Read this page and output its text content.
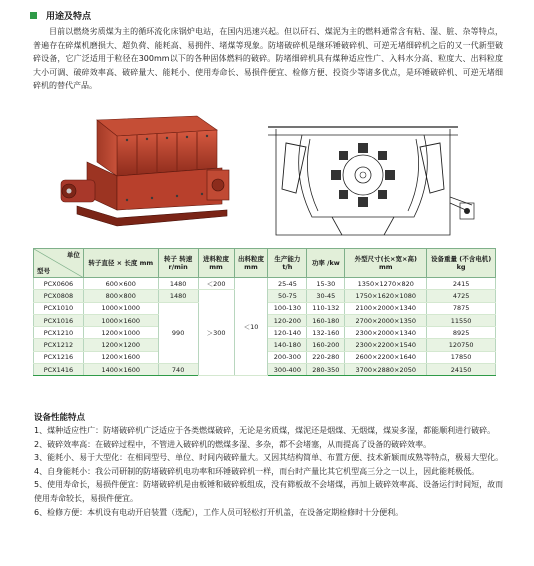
用途及特点

目前以燃烧劣质煤为主的循环流化床锅炉电站，在国内迅速兴起。但以矸石、煤泥为主的燃料通常含有粘、湿、脏、杂等特点，普遍存在碎煤机磨损大、超负荷、能耗高、易拥件、堵煤等现象。防堵破碎机是继环锤破碎机、可逆无堵细碎机之后的又一代新型破碎设备，它广泛适用于粒径在300mm以下的各种固体燃料的破碎。防堵细碎机具有煤种适应性广、入料水分高、粒度大、出料粒度大小可调、破碎效率高、破碎量大、能耗小、使用寿命长、易损件便宜、检修方便、投资少等诸多优点，是环锤破碎机、可逆无堵细碎机的替代产品。

单位
型号	转子直径 × 长度 mm	转子 转速 r/min	进料粒度 mm	出料粒度 mm	生产能力 t/h	功率 /kw	外型尺寸(长×宽×高) mm	设备重量 (不含电机) kg
PCX0606	600×600	1480	＜200	＜10	25-45	15-30	1350×1270×820	2415
PCX0808	800×800	1480	＞300		50-75	30-45	1750×1620×1080	4725
PCX1010	1000×1000	990			100-130	110-132	2100×2000×1340	7875
PCX1016	1000×1600				120-200	160-180	2700×2000×1350	11550
PCX1210	1200×1000				120-140	132-160	2300×2000×1340	8925
PCX1212	1200×1200				140-180	160-200	2300×2200×1540	120750
PCX1216	1200×1600				200-300	220-280	2600×2200×1640	17850
PCX1416	1400×1600	740			300-400	280-350	3700×2880×2050	24150
设备性能特点

1、煤种适应性广：防堵破碎机广泛适应于各类燃煤破碎，无论是劣质煤，煤泥还是烟煤、无烟煤，煤炭多湿，都能顺利进行破碎。

2、破碎效率高：在破碎过程中，不管进入破碎机的燃煤多湿、多杂，都不会堵塞，从而提高了设备的破碎效率。

3、能耗小、易于大型化：在相同型号、单位、时间内破碎量大。又因其结构简单、布置方便、技术新颖而成熟等特点，极易大型化。

4、自身能耗小：我公司研制的防堵破碎机电功率和环锤破碎机一样，而台时产量比其它机型高三分之一以上，因此能耗极低。

5、使用寿命长，易损件便宜：防堵破碎机是由板锤和破碎板组成，没有筛板故不会堵煤，再加上破碎效率高、设备运行时间短，故而使用寿命较长，易损件便宜。

6、检修方便：本机设有电动开启装置（选配），工作人员可轻松打开机盖，在设备定期检修时十分便利。
